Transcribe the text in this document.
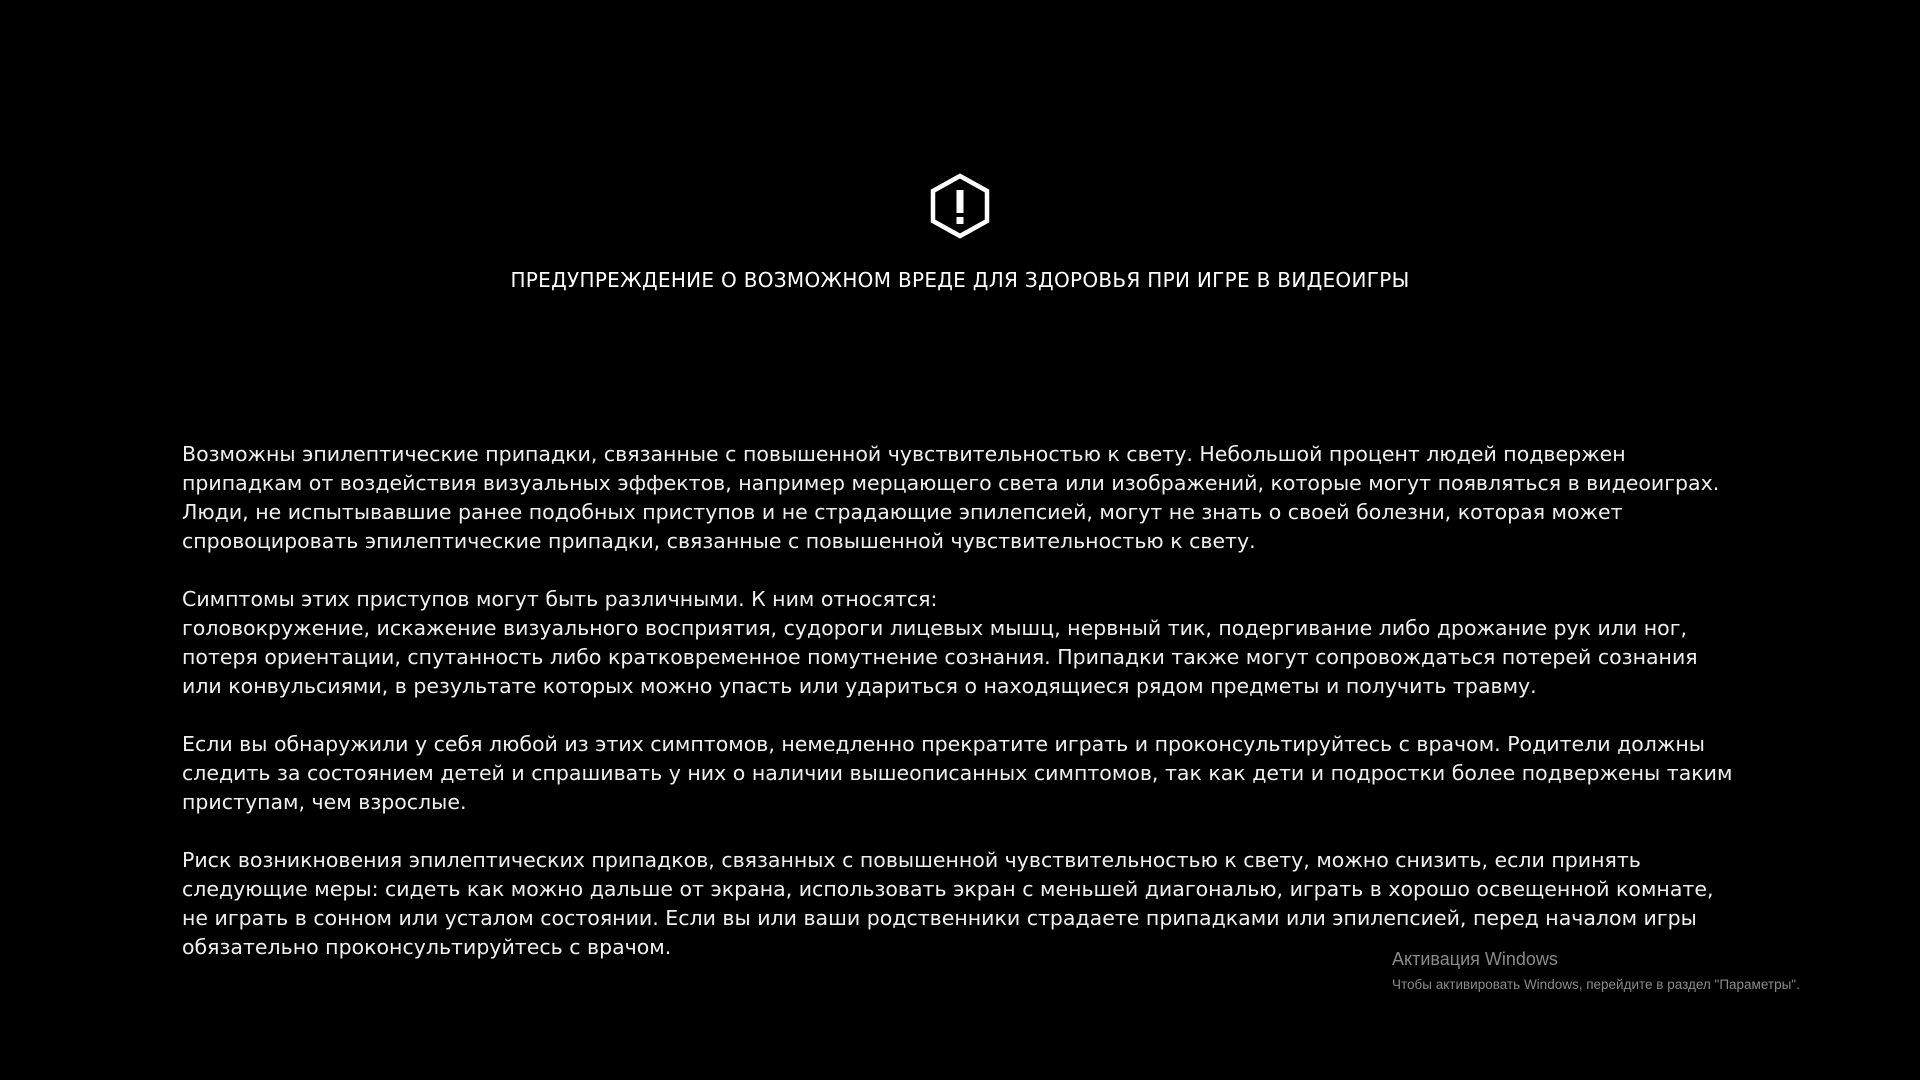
ПРЕДУПРЕЖДЕНИЕ О ВОЗМОЖНОМ ВРЕДЕ ДЛЯ ЗДОРОВЬЯ ПРИ ИГРЕ В ВИДЕОИГРЫ

Возможны эпилептические припадки, связанные с повышенной чувствительностью к свету. Небольшой процент людей подвержен
припадкам от воздействия визуальных эффектов, например мерцающего света или изображений, которые могут появляться в видеоиграх.
Люди, не испытывавшие ранее подобных приступов и не страдающие эпилепсией, могут не знать о своей болезни, которая может
спровоцировать эпилептические припадки, связанные с повышенной чувствительностью к свету.

Симптомы этих приступов могут быть различными. К ним относятся:
головокружение, искажение визуального восприятия, судороги лицевых мышц, нервный тик, подергивание либо дрожание рук или ног,
потеря ориентации, спутанность либо кратковременное помутнение сознания. Припадки также могут сопровождаться потерей сознания
или конвульсиями, в результате которых можно упасть или удариться о находящиеся рядом предметы и получить травму.

Если вы обнаружили у себя любой из этих симптомов, немедленно прекратите играть и проконсультируйтесь с врачом. Родители должны
следить за состоянием детей и спрашивать у них о наличии вышеописанных симптомов, так как дети и подростки более подвержены таким
приступам, чем взрослые.

Риск возникновения эпилептических припадков, связанных с повышенной чувствительностью к свету, можно снизить, если принять
следующие меры: сидеть как можно дальше от экрана, использовать экран с меньшей диагональю, играть в хорошо освещенной комнате,
не играть в сонном или усталом состоянии. Если вы или ваши родственники страдаете припадками или эпилепсией, перед началом игры
обязательно проконсультируйтесь с врачом.	Активация Windows
Чтобы активировать Windows, перейдите в раздел "Параметры".
